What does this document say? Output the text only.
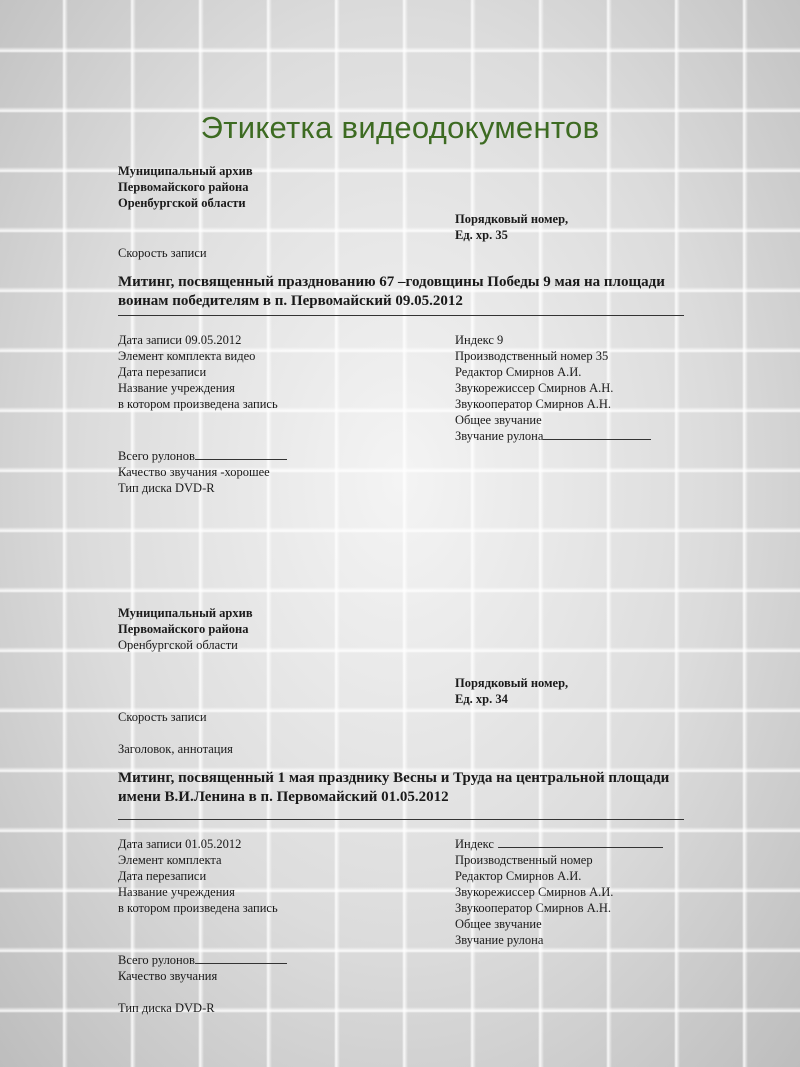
Этикетка видеодокументов
Муниципальный архив
Первомайского района
Оренбургской области
Порядковый номер,
Ед. хр. 35
Скорость записи
Митинг, посвященный празднованию 67 –годовщины Победы 9 мая на площади воинам победителям в п. Первомайский 09.05.2012
Дата записи 09.05.2012
Элемент комплекта видео
Дата перезаписи
Название учреждения
в котором произведена запись
Индекс 9
Производственный номер 35
Редактор Смирнов А.И.
Звукорежиссер Смирнов А.Н.
Звукооператор Смирнов А.Н.
Общее звучание
Звучание рулона
Всего рулонов
Качество звучания -хорошее
Тип диска DVD-R
Муниципальный архив
Первомайского района
Оренбургской области
Порядковый номер,
Ед. хр. 34
Скорость записи
Заголовок, аннотация
Митинг, посвященный 1 мая празднику Весны и Труда на центральной площади имени В.И.Ленина в п. Первомайский 01.05.2012
Дата записи 01.05.2012
Элемент комплекта
Дата перезаписи
Название учреждения
в котором произведена запись
Индекс
Производственный номер
Редактор Смирнов А.И.
Звукорежиссер Смирнов А.И.
Звукооператор Смирнов А.Н.
Общее звучание
Звучание рулона
Всего рулонов
Качество звучания
Тип диска DVD-R
